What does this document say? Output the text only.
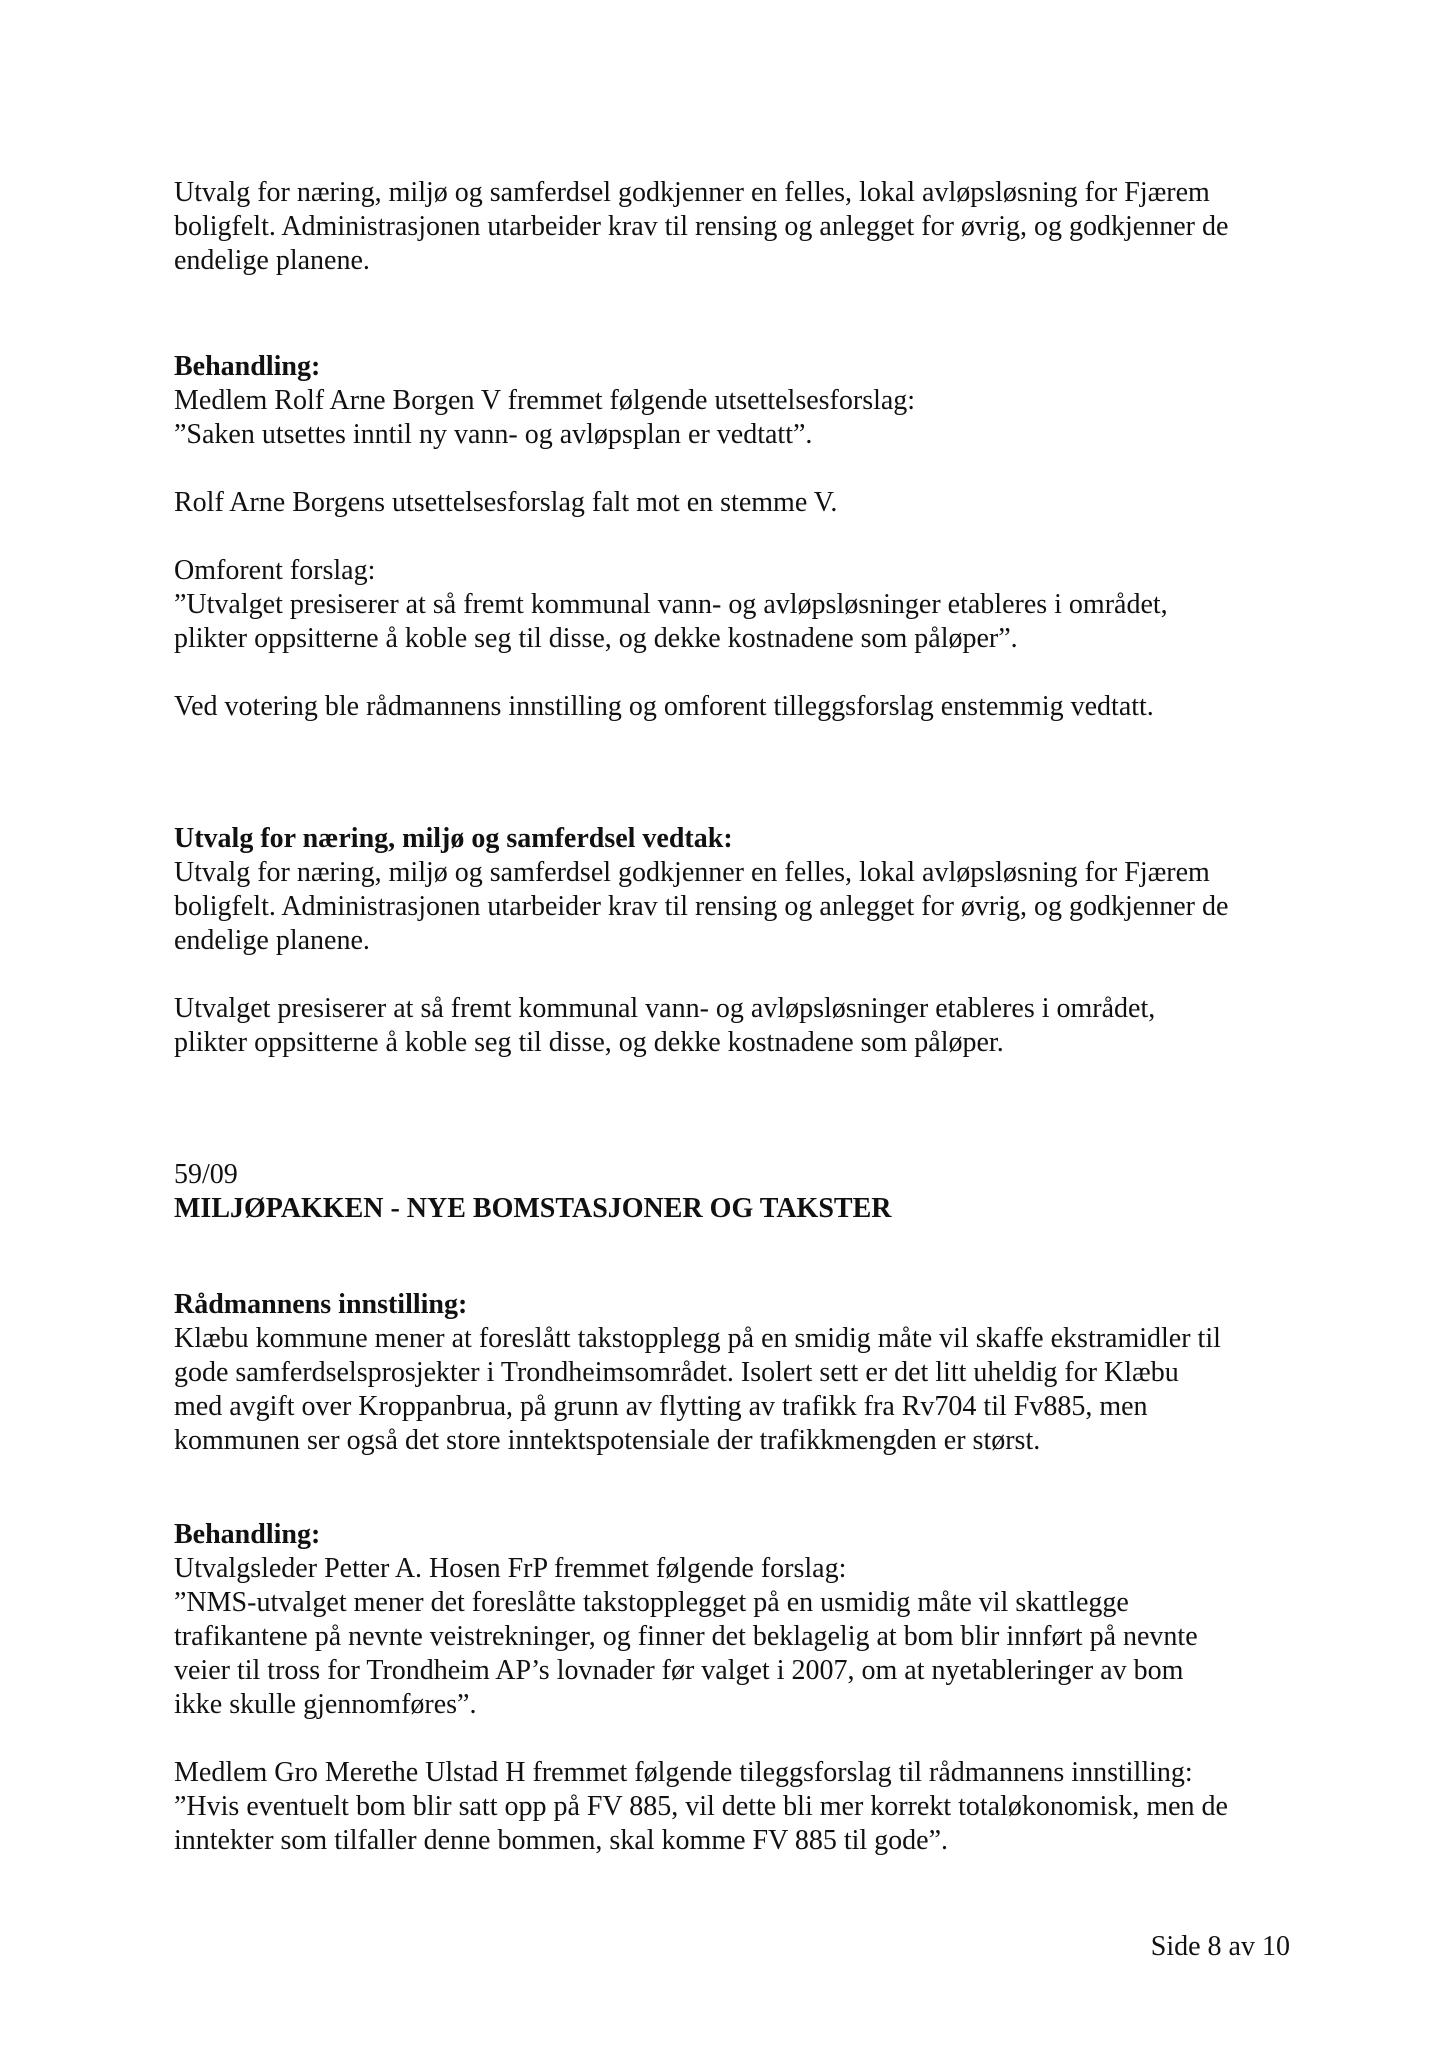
Utvalg for næring, miljø og samferdsel godkjenner en felles, lokal avløpsløsning for Fjærem
boligfelt. Administrasjonen utarbeider krav til rensing og anlegget for øvrig, og godkjenner de
endelige planene.

Behandling:

Medlem Rolf Arne Borgen V fremmet følgende utsettelsesforslag:
”Saken utsettes inntil ny vann- og avløpsplan er vedtatt”.

Rolf Arne Borgens utsettelsesforslag falt mot en stemme V.

Omforent forslag:

”Utvalget presiserer at så fremt kommunal vann- og avløpsløsninger etableres i området,
plikter oppsitterne å koble seg til disse, og dekke kostnadene som påløper”.

Ved votering ble rådmannens innstilling og omforent tilleggsforslag enstemmig vedtatt.

Utvalg for næring, miljø og samferdsel vedtak:

Utvalg for næring, miljø og samferdsel godkjenner en felles, lokal avløpsløsning for Fjærem
boligfelt. Administrasjonen utarbeider krav til rensing og anlegget for øvrig, og godkjenner de
endelige planene.

Utvalget presiserer at så fremt kommunal vann- og avløpsløsninger etableres i området,
plikter oppsitterne å koble seg til disse, og dekke kostnadene som påløper.

59/09

MILJØPAKKEN - NYE BOMSTASJONER OG TAKSTER

Rådmannens innstilling:

Klæbu kommune mener at foreslått takstopplegg på en smidig måte vil skaffe ekstramidler til
gode samferdselsprosjekter i Trondheimsområdet. Isolert sett er det litt uheldig for Klæbu
med avgift over Kroppanbrua, på grunn av flytting av trafikk fra Rv704 til Fv885, men
kommunen ser også det store inntektspotensiale der trafikkmengden er størst.

Behandling:

Utvalgsleder Petter A. Hosen FrP fremmet følgende forslag:
”NMS-utvalget mener det foreslåtte takstopplegget på en usmidig måte vil skattlegge
trafikantene på nevnte veistrekninger, og finner det beklagelig at bom blir innført på nevnte
veier til tross for Trondheim AP’s lovnader før valget i 2007, om at nyetableringer av bom
ikke skulle gjennomføres”.

Medlem Gro Merethe Ulstad H fremmet følgende tileggsforslag til rådmannens innstilling:
”Hvis eventuelt bom blir satt opp på FV 885, vil dette bli mer korrekt totaløkonomisk, men de
inntekter som tilfaller denne bommen, skal komme FV 885 til gode”.

Side 8 av 10
